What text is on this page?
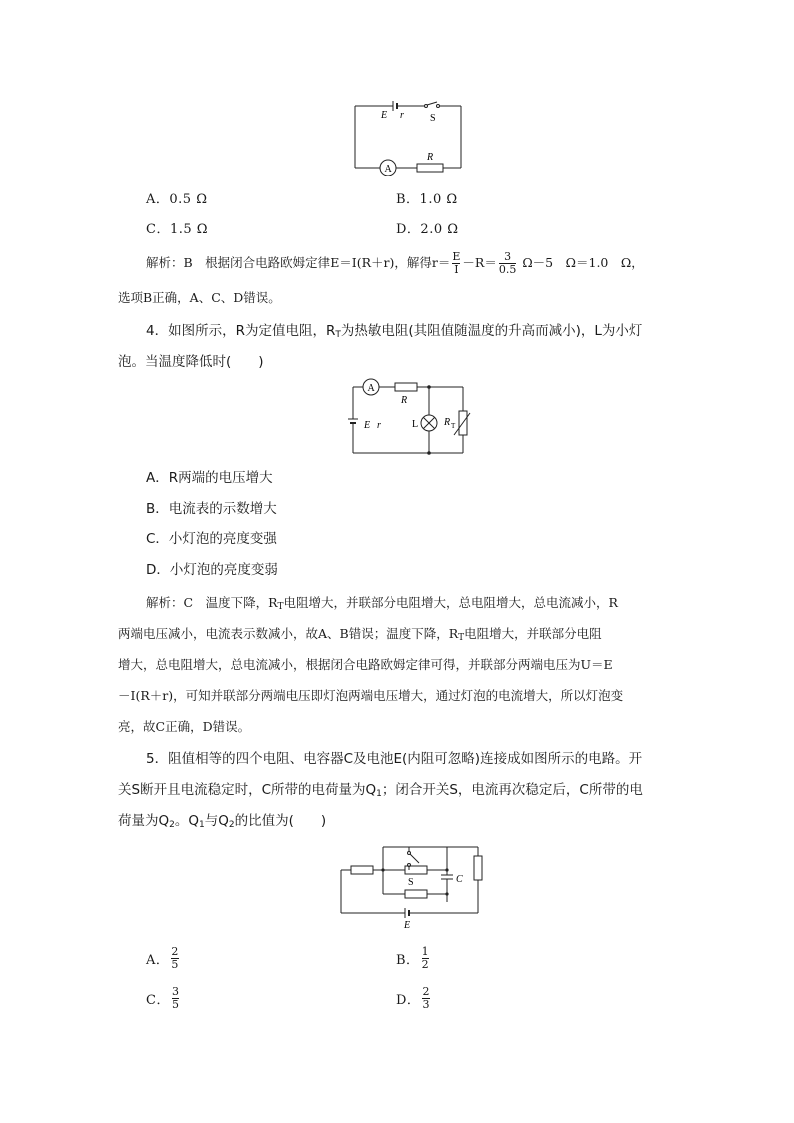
E r	S
A
R
A．0.5 Ω	B．1.0 Ω
C．1.5 Ω	D．2.0 Ω
解析：B　根据闭合电路欧姆定律E＝I(R＋r)，解得$r= \frac{E}{I} -R= \frac{3}{0.5} \Omega-5$　Ω＝1.0　Ω，
选项B正确，A、C、D错误。
4．如图所示，R为定值电阻，$R_T$为热敏电阻(其阻值随温度的升高而减小)，L为小灯
泡。当温度降低时(　　)
A
R
E r	L	R T
A．R两端的电压增大
B．电流表的示数增大
C．小灯泡的亮度变强
D．小灯泡的亮度变弱
解析：C　温度下降，$R_T$电阻增大，并联部分电阻增大，总电阻增大，总电流减小，R
两端电压减小，电流表示数减小，故A、B错误；温度下降，$R_T$电阻增大，并联部分电阻
增大，总电阻增大，总电流减小，根据闭合电路欧姆定律可得，并联部分两端电压为U＝E
－I(R＋r)，可知并联部分两端电压即灯泡两端电压增大，通过灯泡的电流增大，所以灯泡变
亮，故C正确，D错误。
5．阻值相等的四个电阻、电容器C及电池E(内阻可忽略)连接成如图所示的电路。开
关S断开且电流稳定时，C所带的电荷量为$Q_1$；闭合开关S，电流再次稳定后，C所带的电
荷量为$Q_2$。$Q_1$与$Q_2$的比值为(　　)
S	C
E
A． $\frac{2}{5}$	B． $\frac{1}{2}$
C． $\frac{3}{5}$	D． $\frac{2}{3}$
